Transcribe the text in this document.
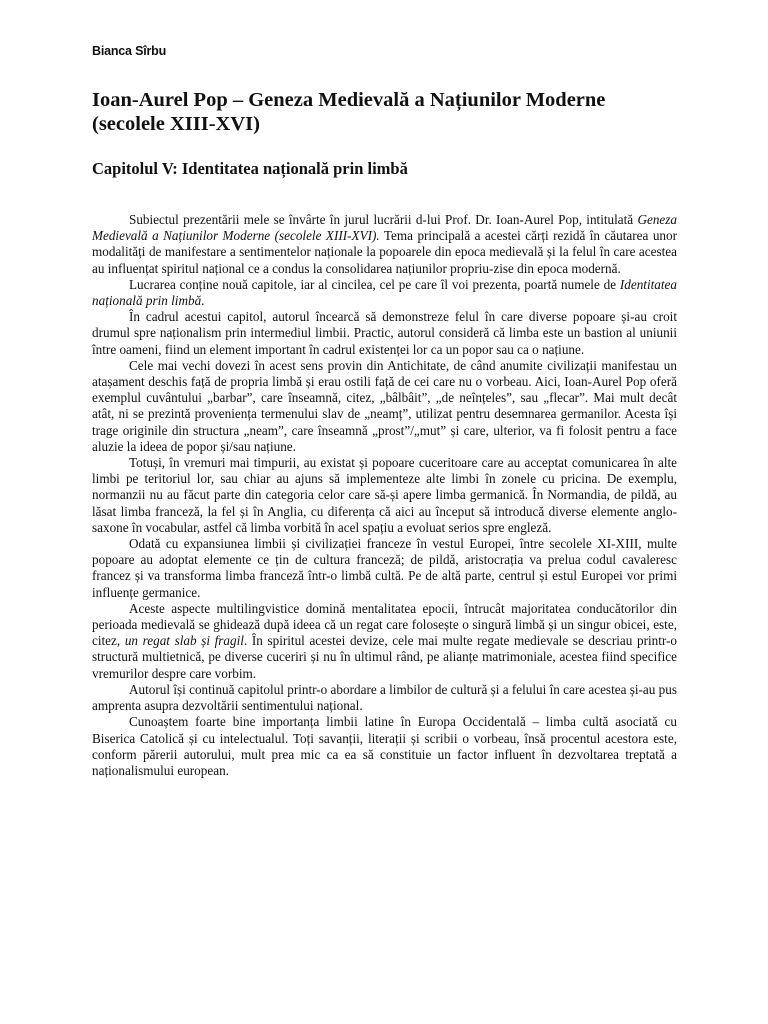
Bianca Sîrbu
Ioan-Aurel Pop – Geneza Medievală a Națiunilor Moderne
(secolele XIII-XVI)
Capitolul V: Identitatea națională prin limbă

Subiectul prezentării mele se învârte în jurul lucrării d-lui Prof. Dr. Ioan-Aurel Pop, intitulată Geneza Medievală a Națiunilor Moderne (secolele XIII-XVI). Tema principală a acestei cărți rezidă în căutarea unor modalități de manifestare a sentimentelor naționale la popoarele din epoca medievală și la felul în care acestea au influențat spiritul național ce a condus la consolidarea națiunilor propriu-zise din epoca modernă.

Lucrarea conține nouă capitole, iar al cincilea, cel pe care îl voi prezenta, poartă numele de Identitatea națională prin limbă.

În cadrul acestui capitol, autorul încearcă să demonstreze felul în care diverse popoare și-au croit drumul spre naționalism prin intermediul limbii. Practic, autorul consideră că limba este un bastion al uniunii între oameni, fiind un element important în cadrul existenței lor ca un popor sau ca o națiune.

Cele mai vechi dovezi în acest sens provin din Antichitate, de când anumite civilizații manifestau un atașament deschis față de propria limbă și erau ostili față de cei care nu o vorbeau. Aici, Ioan-Aurel Pop oferă exemplul cuvântului „barbar”, care înseamnă, citez, „bâlbâit”, „de neînțeles”, sau „flecar”. Mai mult decât atât, ni se prezintă proveniența termenului slav de „neamț”, utilizat pentru desemnarea germanilor. Acesta își trage originile din structura „neam”, care înseamnă „prost”/„mut” și care, ulterior, va fi folosit pentru a face aluzie la ideea de popor și/sau națiune.

Totuși, în vremuri mai timpurii, au existat și popoare cuceritoare care au acceptat comunicarea în alte limbi pe teritoriul lor, sau chiar au ajuns să implementeze alte limbi în zonele cu pricina. De exemplu, normanzii nu au făcut parte din categoria celor care să-și apere limba germanică. În Normandia, de pildă, au lăsat limba franceză, la fel și în Anglia, cu diferența că aici au început să introducă diverse elemente anglo-saxone în vocabular, astfel că limba vorbită în acel spațiu a evoluat serios spre engleză.

Odată cu expansiunea limbii și civilizației franceze în vestul Europei, între secolele XI-XIII, multe popoare au adoptat elemente ce țin de cultura franceză; de pildă, aristocrația va prelua codul cavaleresc francez și va transforma limba franceză într-o limbă cultă. Pe de altă parte, centrul și estul Europei vor primi influențe germanice.

Aceste aspecte multilingvistice domină mentalitatea epocii, întrucât majoritatea conducătorilor din perioada medievală se ghidează după ideea că un regat care folosește o singură limbă și un singur obicei, este, citez, un regat slab și fragil. În spiritul acestei devize, cele mai multe regate medievale se descriau printr-o structură multietnică, pe diverse cuceriri și nu în ultimul rând, pe alianțe matrimoniale, acestea fiind specifice vremurilor despre care vorbim.

Autorul își continuă capitolul printr-o abordare a limbilor de cultură și a felului în care acestea și-au pus amprenta asupra dezvoltării sentimentului național.

Cunoaștem foarte bine importanța limbii latine în Europa Occidentală – limba cultă asociată cu Biserica Catolică și cu intelectualul. Toți savanții, literații și scribii o vorbeau, însă procentul acestora este, conform părerii autorului, mult prea mic ca ea să constituie un factor influent în dezvoltarea treptată a naționalismului european.
